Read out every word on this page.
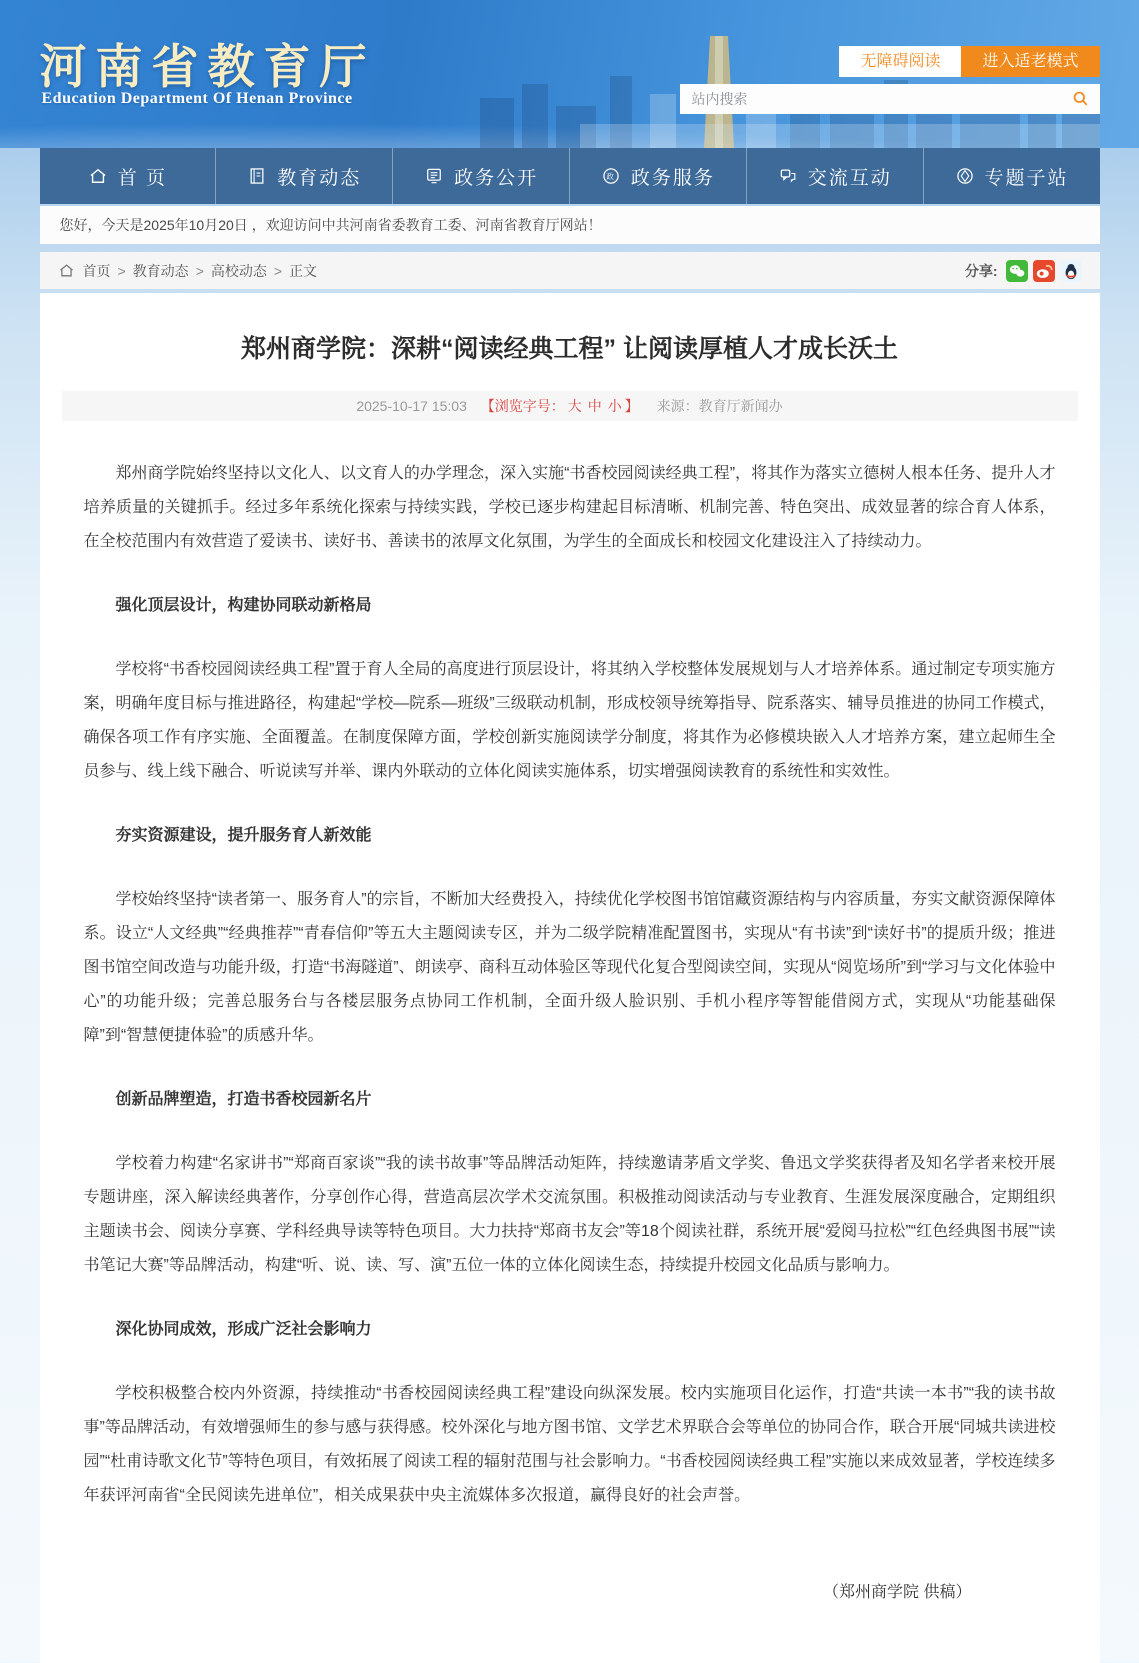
河南省教育厅
Education Department Of Henan Province
无障碍阅读	进入适老模式
站内搜索
首 页	教育动态	政务公开	政 政务服务	交流互动	专题子站
您好，今天是2025年10月20日 ，欢迎访问中共河南省委教育工委、河南省教育厅网站！
首页 > 教育动态 > 高校动态 > 正文	分享:
郑州商学院：深耕“阅读经典工程” 让阅读厚植人才成长沃土
2025-10-17 15:03 【浏览字号： 大 中 小 】 来源：教育厅新闻办

郑州商学院始终坚持以文化人、以文育人的办学理念，深入实施“书香校园阅读经典工程”，将其作为落实立德树人根本任务、提升人才培养质量的关键抓手。经过多年系统化探索与持续实践，学校已逐步构建起目标清晰、机制完善、特色突出、成效显著的综合育人体系，在全校范围内有效营造了爱读书、读好书、善读书的浓厚文化氛围，为学生的全面成长和校园文化建设注入了持续动力。

强化顶层设计，构建协同联动新格局

学校将“书香校园阅读经典工程”置于育人全局的高度进行顶层设计，将其纳入学校整体发展规划与人才培养体系。通过制定专项实施方案，明确年度目标与推进路径，构建起“学校—院系—班级”三级联动机制，形成校领导统筹指导、院系落实、辅导员推进的协同工作模式，确保各项工作有序实施、全面覆盖。在制度保障方面，学校创新实施阅读学分制度，将其作为必修模块嵌入人才培养方案，建立起师生全员参与、线上线下融合、听说读写并举、课内外联动的立体化阅读实施体系，切实增强阅读教育的系统性和实效性。

夯实资源建设，提升服务育人新效能

学校始终坚持“读者第一、服务育人”的宗旨，不断加大经费投入，持续优化学校图书馆馆藏资源结构与内容质量，夯实文献资源保障体系。设立“人文经典”“经典推荐”“青春信仰”等五大主题阅读专区，并为二级学院精准配置图书，实现从“有书读”到“读好书”的提质升级；推进图书馆空间改造与功能升级，打造“书海隧道”、朗读亭、商科互动体验区等现代化复合型阅读空间，实现从“阅览场所”到“学习与文化体验中心”的功能升级；完善总服务台与各楼层服务点协同工作机制，全面升级人脸识别、手机小程序等智能借阅方式，实现从“功能基础保障”到“智慧便捷体验”的质感升华。

创新品牌塑造，打造书香校园新名片

学校着力构建“名家讲书”“郑商百家谈”“我的读书故事”等品牌活动矩阵，持续邀请茅盾文学奖、鲁迅文学奖获得者及知名学者来校开展专题讲座，深入解读经典著作，分享创作心得，营造高层次学术交流氛围。积极推动阅读活动与专业教育、生涯发展深度融合，定期组织主题读书会、阅读分享赛、学科经典导读等特色项目。大力扶持“郑商书友会”等18个阅读社群，系统开展“爱阅马拉松”“红色经典图书展”“读书笔记大赛”等品牌活动，构建“听、说、读、写、演”五位一体的立体化阅读生态，持续提升校园文化品质与影响力。

深化协同成效，形成广泛社会影响力

学校积极整合校内外资源，持续推动“书香校园阅读经典工程”建设向纵深发展。校内实施项目化运作，打造“共读一本书”“我的读书故事”等品牌活动，有效增强师生的参与感与获得感。校外深化与地方图书馆、文学艺术界联合会等单位的协同合作，联合开展“同城共读进校园”“杜甫诗歌文化节”等特色项目，有效拓展了阅读工程的辐射范围与社会影响力。“书香校园阅读经典工程”实施以来成效显著，学校连续多年获评河南省“全民阅读先进单位”，相关成果获中央主流媒体多次报道，赢得良好的社会声誉。

（郑州商学院 供稿）
